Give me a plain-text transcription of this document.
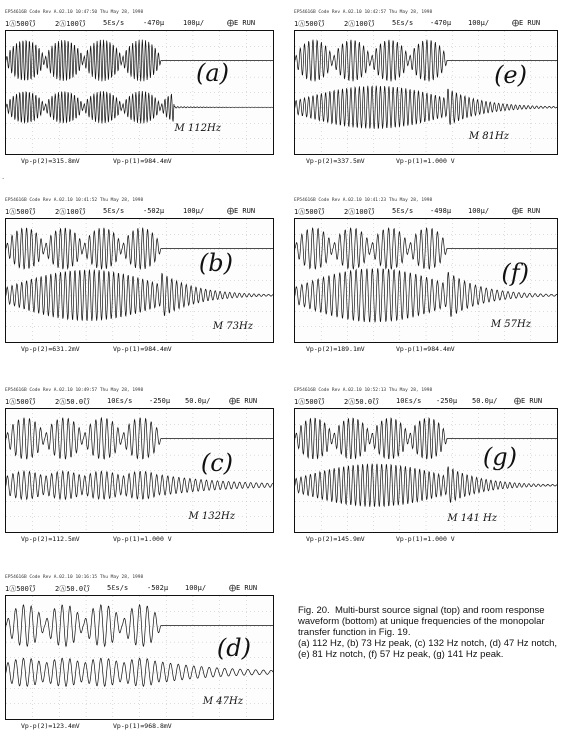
EP54616B Code Rev A.02.10 10:47:50 Thu May 28, 1998
1Ⓐ500℧	2Ⓐ100℧ 5ℇs/s	-470µ	100µ/	⨁E RUN
(a)
M 112Hz
Vp-p(2)=315.8mV	Vp-p(1)=984.4mV
EP54616B Code Rev A.02.10 10:42:57 Thu May 28, 1998
1Ⓐ500℧	2Ⓐ100℧ 5ℇs/s -470µ 100µ/	⨁E RUN
(e)
M 81Hz
Vp-p(2)=337.5mV	Vp-p(1)=1.000 V
EP54616B Code Rev A.02.10 10:41:52 Thu May 28, 1998
1Ⓐ500℧	2Ⓐ100℧ 5ℇs/s	-502µ	100µ/	⨁E RUN
(b)
M 73Hz
Vp-p(2)=631.2mV	Vp-p(1)=984.4mV
EP54616B Code Rev A.02.10 10:41:23 Thu May 28, 1998
1Ⓐ500℧	2Ⓐ100℧ 5ℇs/s -498µ 100µ/	⨁E RUN
(f)
M 57Hz
Vp-p(2)=189.1mV	Vp-p(1)=984.4mV
EP54616B Code Rev A.02.10 10:49:57 Thu May 28, 1998
1Ⓐ500℧	2Ⓐ50.0℧ 10ℇs/s -250µ 50.0µ/	⨁E RUN
(c)
M 132Hz
Vp-p(2)=112.5mV	Vp-p(1)=1.000 V
EP54616B Code Rev A.02.10 10:52:13 Thu May 28, 1998
1Ⓐ500℧	2Ⓐ50.0℧ 10ℇs/s -250µ 50.0µ/ ⨁E RUN
(g)
M 141 Hz
Vp-p(2)=145.9mV	Vp-p(1)=1.000 V
EP54616B Code Rev A.02.10 10:16:15 Thu May 28, 1998
1Ⓐ500℧	2Ⓐ50.0℧ 5ℇs/s	-502µ 100µ/	⨁E RUN
(d)
M 47Hz
Vp-p(2)=123.4mV	Vp-p(1)=968.8mV
.

Fig. 20. Multi-burst source signal (top) and room response waveform (bottom) at unique frequencies of the monopolar transfer function in Fig. 19.

(a) 112 Hz, (b) 73 Hz peak, (c) 132 Hz notch, (d) 47 Hz notch, (e) 81 Hz notch, (f) 57 Hz peak, (g) 141 Hz peak.
